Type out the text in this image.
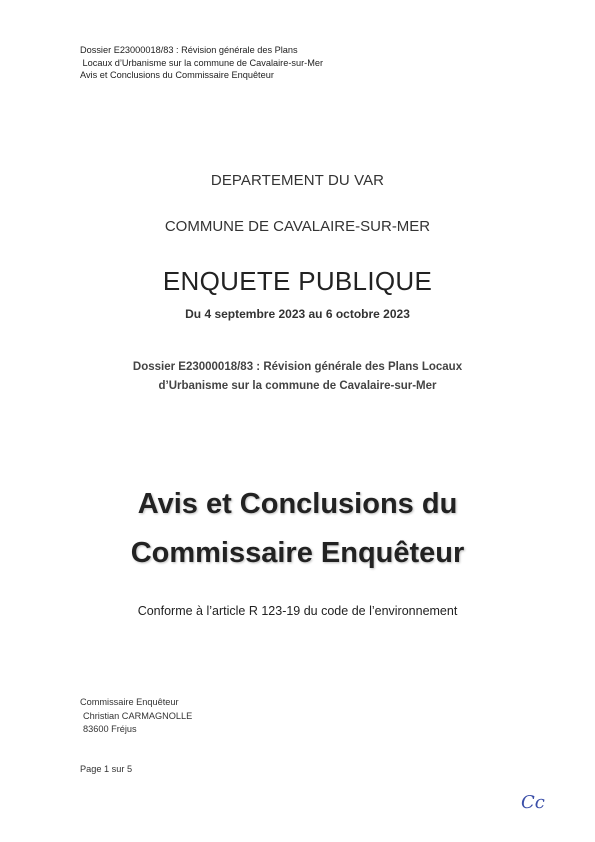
Dossier E23000018/83 : Révision générale des Plans
Locaux d’Urbanisme sur la commune de Cavalaire-sur-Mer
Avis et Conclusions du Commissaire Enquêteur
DEPARTEMENT DU VAR
COMMUNE DE CAVALAIRE-SUR-MER
ENQUETE PUBLIQUE
Du 4 septembre 2023 au 6 octobre 2023
Dossier E23000018/83 : Révision générale des Plans Locaux
d’Urbanisme sur la commune de Cavalaire-sur-Mer
Avis et Conclusions du
Commissaire Enquêteur
Conforme à l’article R 123-19 du code de l’environnement
Commissaire Enquêteur
Christian CARMAGNOLLE
83600 Fréjus
Page 1 sur 5
Cc
